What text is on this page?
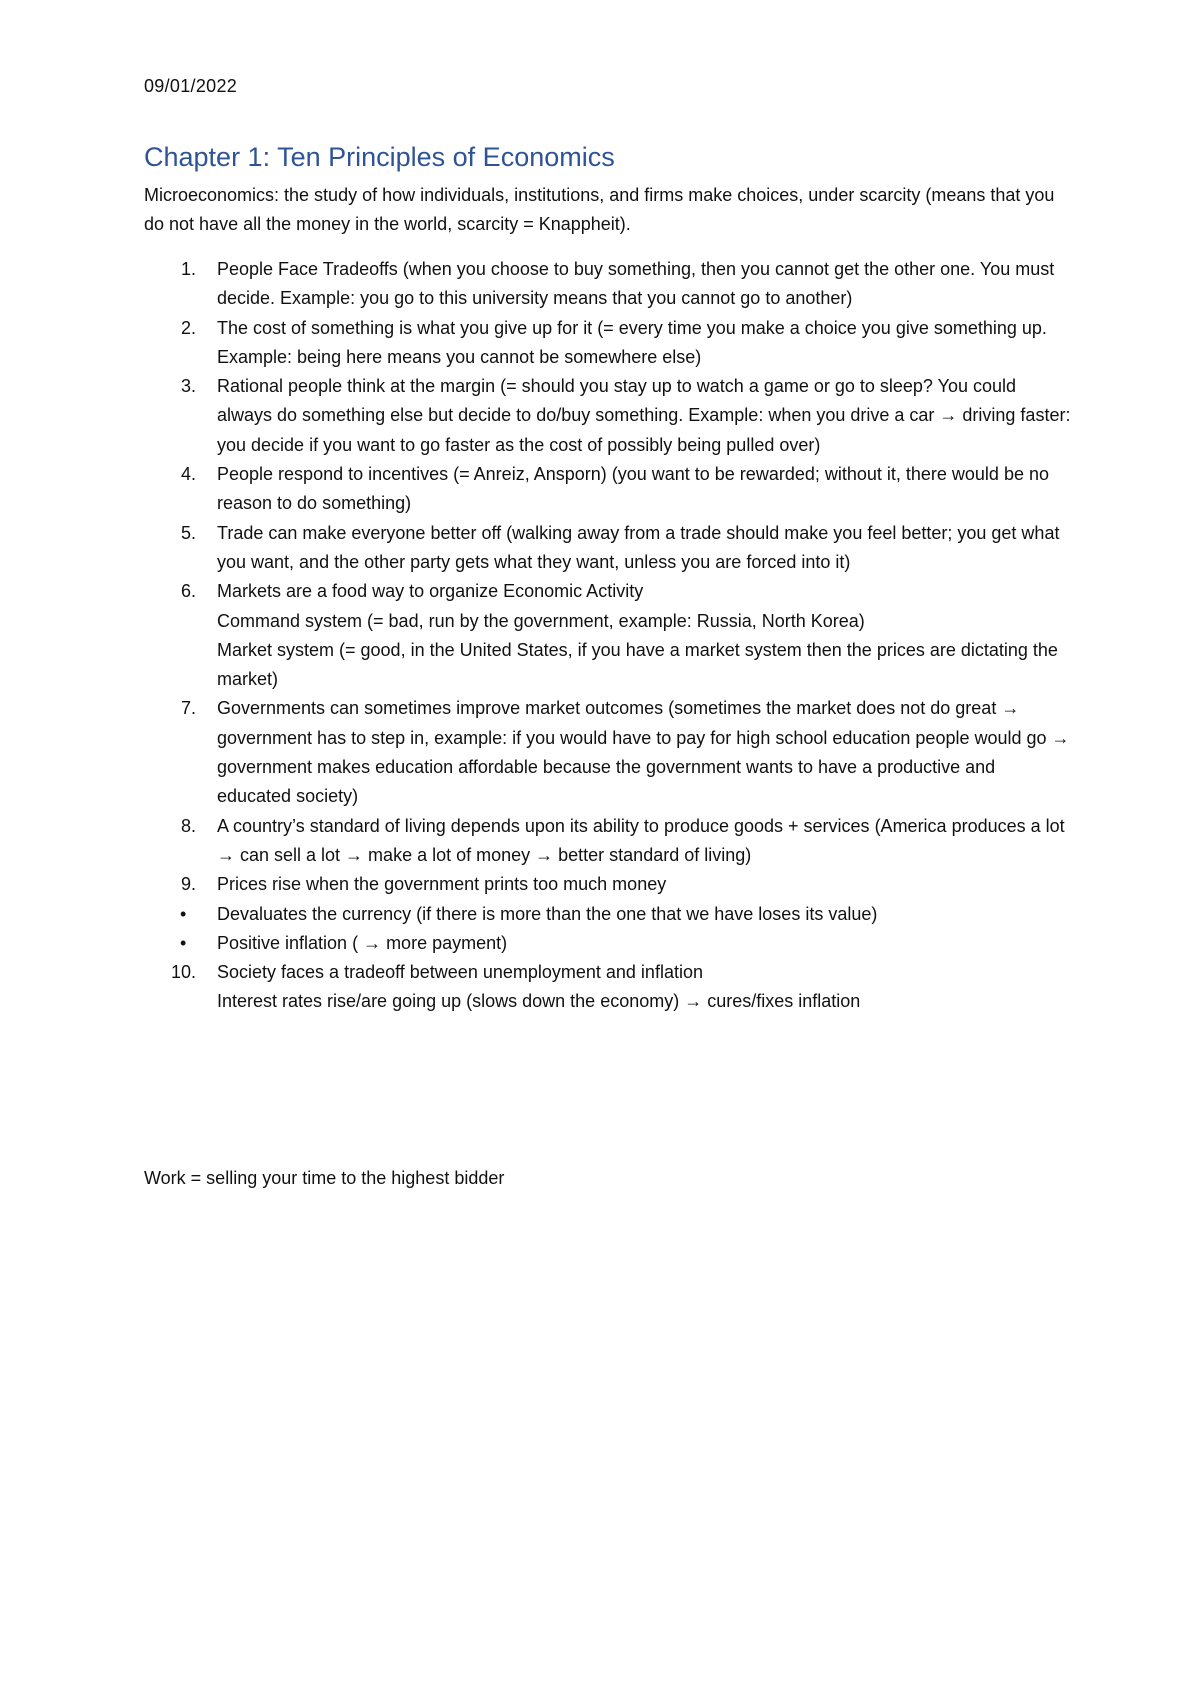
09/01/2022
Chapter 1: Ten Principles of Economics

Microeconomics: the study of how individuals, institutions, and firms make choices, under scarcity (means that you do not have all the money in the world, scarcity = Knappheit).

1. People Face Tradeoffs (when you choose to buy something, then you cannot get the other one. You must decide. Example: you go to this university means that you cannot go to another)
2. The cost of something is what you give up for it (= every time you make a choice you give something up. Example: being here means you cannot be somewhere else)
3. Rational people think at the margin (= should you stay up to watch a game or go to sleep? You could always do something else but decide to do/buy something. Example: when you drive a car → driving faster: you decide if you want to go faster as the cost of possibly being pulled over)
4. People respond to incentives (= Anreiz, Ansporn) (you want to be rewarded; without it, there would be no reason to do something)
5. Trade can make everyone better off (walking away from a trade should make you feel better; you get what you want, and the other party gets what they want, unless you are forced into it)
6. Markets are a food way to organize Economic Activity
Command system (= bad, run by the government, example: Russia, North Korea)
Market system (= good, in the United States, if you have a market system then the prices are dictating the market)
7. Governments can sometimes improve market outcomes (sometimes the market does not do great → government has to step in, example: if you would have to pay for high school education people would go → government makes education affordable because the government wants to have a productive and educated society)
8. A country’s standard of living depends upon its ability to produce goods + services (America produces a lot → can sell a lot → make a lot of money → better standard of living)
9. Prices rise when the government prints too much money
• Devaluates the currency (if there is more than the one that we have loses its value)
• Positive inflation ( → more payment)
10. Society faces a tradeoff between unemployment and inflation
Interest rates rise/are going up (slows down the economy) → cures/fixes inflation

Work = selling your time to the highest bidder
